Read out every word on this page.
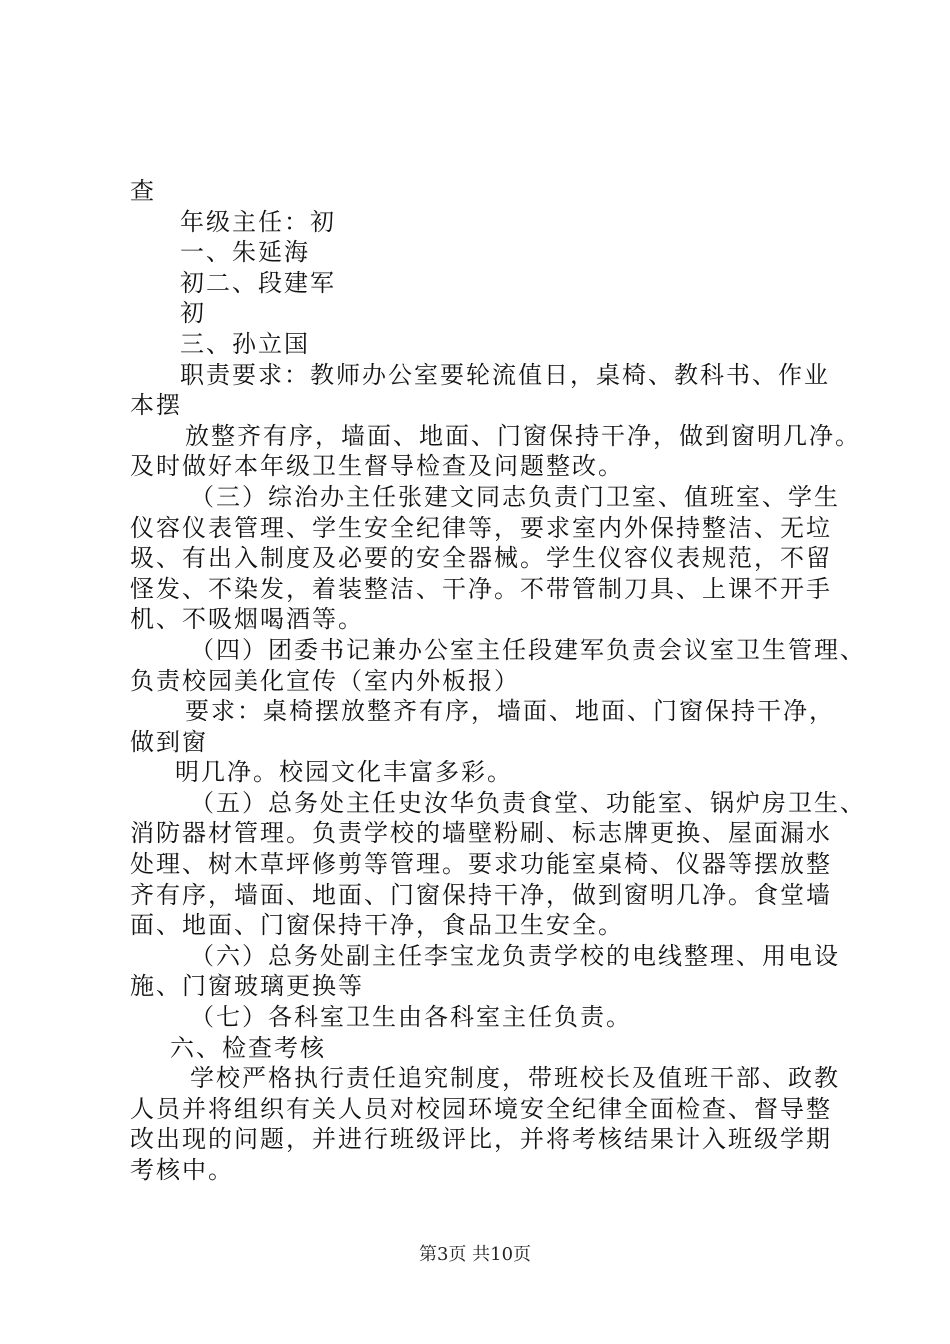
查
年级主任：初
一、朱延海
初二、段建军
初
三、孙立国
职责要求：教师办公室要轮流值日，桌椅、教科书、作业
本摆
放整齐有序，墙面、地面、门窗保持干净，做到窗明几净。
及时做好本年级卫生督导检查及问题整改。
（三）综治办主任张建文同志负责门卫室、值班室、学生
仪容仪表管理、学生安全纪律等，要求室内外保持整洁、无垃
圾、有出入制度及必要的安全器械。学生仪容仪表规范，不留
怪发、不染发，着装整洁、干净。不带管制刀具、上课不开手
机、不吸烟喝酒等。
（四）团委书记兼办公室主任段建军负责会议室卫生管理、
负责校园美化宣传（室内外板报）
要求：桌椅摆放整齐有序，墙面、地面、门窗保持干净，
做到窗
明几净。校园文化丰富多彩。
（五）总务处主任史汝华负责食堂、功能室、锅炉房卫生、
消防器材管理。负责学校的墙壁粉刷、标志牌更换、屋面漏水
处理、树木草坪修剪等管理。要求功能室桌椅、仪器等摆放整
齐有序，墙面、地面、门窗保持干净，做到窗明几净。食堂墙
面、地面、门窗保持干净，食品卫生安全。
（六）总务处副主任李宝龙负责学校的电线整理、用电设
施、门窗玻璃更换等
（七）各科室卫生由各科室主任负责。
六、检查考核
学校严格执行责任追究制度，带班校长及值班干部、政教
人员并将组织有关人员对校园环境安全纪律全面检查、督导整
改出现的问题，并进行班级评比，并将考核结果计入班级学期
考核中。
第3页 共10页
